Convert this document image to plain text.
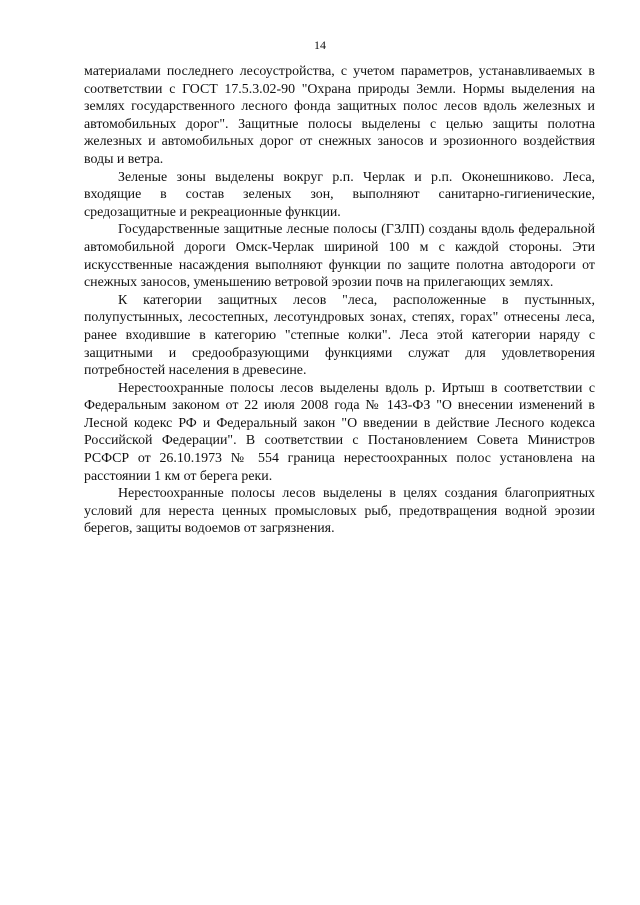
14

материалами последнего лесоустройства, с учетом параметров, устанавливаемых в соответствии с ГОСТ 17.5.3.02-90 "Охрана природы Земли. Нормы выделения на землях государственного лесного фонда защитных полос лесов вдоль железных и автомобильных дорог". Защитные полосы выделены с целью защиты полотна железных и автомобильных дорог от снежных заносов и эрозионного воздействия воды и ветра.

Зеленые зоны выделены вокруг р.п. Черлак и р.п. Оконешниково. Леса, входящие в состав зеленых зон, выполняют санитарно-гигиенические, средозащитные и рекреационные функции.

Государственные защитные лесные полосы (ГЗЛП) созданы вдоль федеральной автомобильной дороги Омск-Черлак шириной 100 м с каждой стороны. Эти искусственные насаждения выполняют функции по защите полотна автодороги от снежных заносов, уменьшению ветровой эрозии почв на прилегающих землях.

К категории защитных лесов "леса, расположенные в пустынных, полупустынных, лесостепных, лесотундровых зонах, степях, горах" отнесены леса, ранее входившие в категорию "степные колки". Леса этой категории наряду с защитными и средообразующими функциями служат для удовлетворения потребностей населения в древесине.

Нерестоохранные полосы лесов выделены вдоль р. Иртыш в соответствии с Федеральным законом от 22 июля 2008 года № 143-ФЗ "О внесении изменений в Лесной кодекс РФ и Федеральный закон "О введении в действие Лесного кодекса Российской Федерации". В соответствии с Постановлением Совета Министров РСФСР от 26.10.1973 № 554 граница нерестоохранных полос установлена на расстоянии 1 км от берега реки.

Нерестоохранные полосы лесов выделены в целях создания благоприятных условий для нереста ценных промысловых рыб, предотвращения водной эрозии берегов, защиты водоемов от загрязнения.
